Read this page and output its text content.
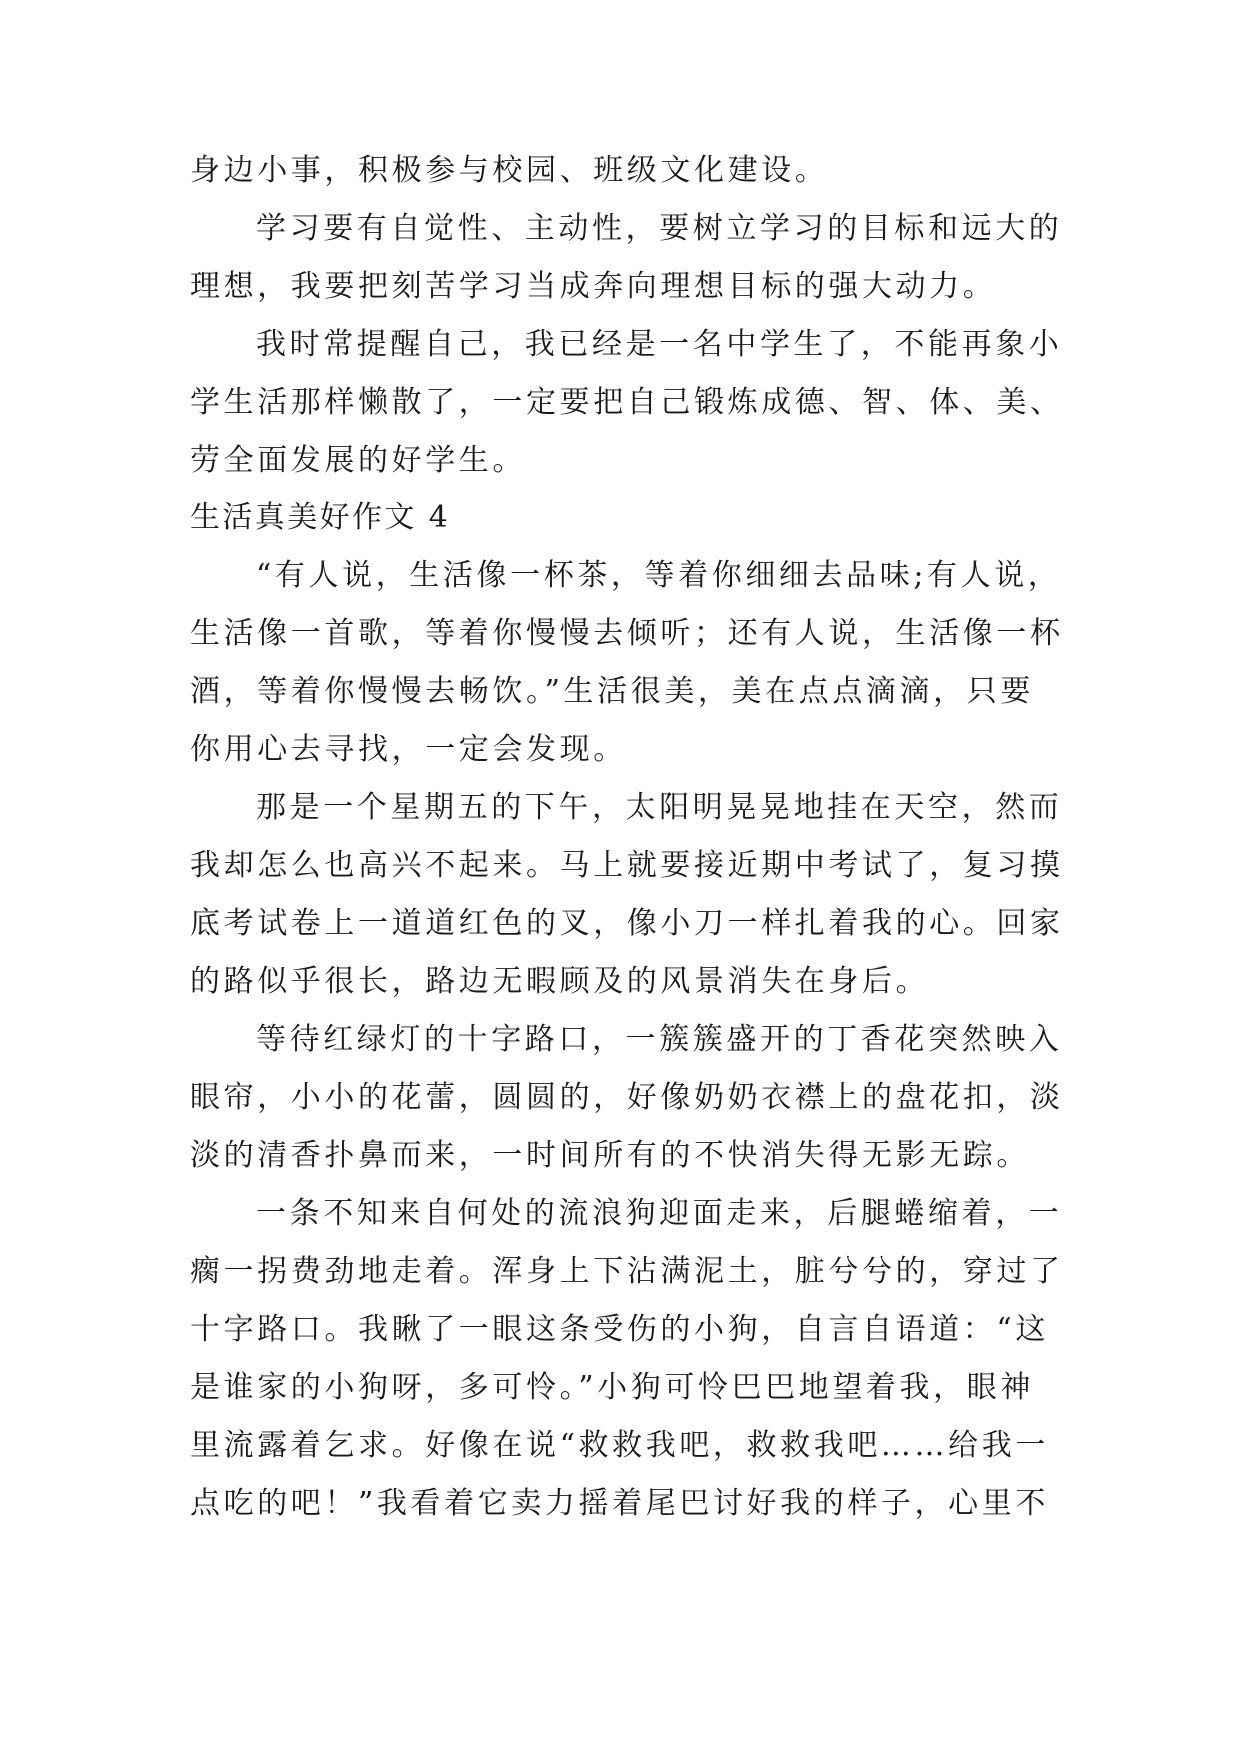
身边小事，积极参与校园、班级文化建设。
学习要有自觉性、主动性，要树立学习的目标和远大的
理想，我要把刻苦学习当成奔向理想目标的强大动力。
我时常提醒自己，我已经是一名中学生了，不能再象小
学生活那样懒散了，一定要把自己锻炼成德、智、体、美、
劳全面发展的好学生。
生活真美好作文 4
“有人说，生活像一杯茶，等着你细细去品味;有人说，
生活像一首歌，等着你慢慢去倾听；还有人说，生活像一杯
酒，等着你慢慢去畅饮。”生活很美，美在点点滴滴，只要
你用心去寻找，一定会发现。
那是一个星期五的下午，太阳明晃晃地挂在天空，然而
我却怎么也高兴不起来。马上就要接近期中考试了，复习摸
底考试卷上一道道红色的叉，像小刀一样扎着我的心。回家
的路似乎很长，路边无暇顾及的风景消失在身后。
等待红绿灯的十字路口，一簇簇盛开的丁香花突然映入
眼帘，小小的花蕾，圆圆的，好像奶奶衣襟上的盘花扣，淡
淡的清香扑鼻而来，一时间所有的不快消失得无影无踪。
一条不知来自何处的流浪狗迎面走来，后腿蜷缩着，一
瘸一拐费劲地走着。浑身上下沾满泥土，脏兮兮的，穿过了
十字路口。我瞅了一眼这条受伤的小狗，自言自语道：“这
是谁家的小狗呀，多可怜。”小狗可怜巴巴地望着我，眼神
里流露着乞求。好像在说“救救我吧，救救我吧……给我一
点吃的吧！”我看着它卖力摇着尾巴讨好我的样子，心里不
